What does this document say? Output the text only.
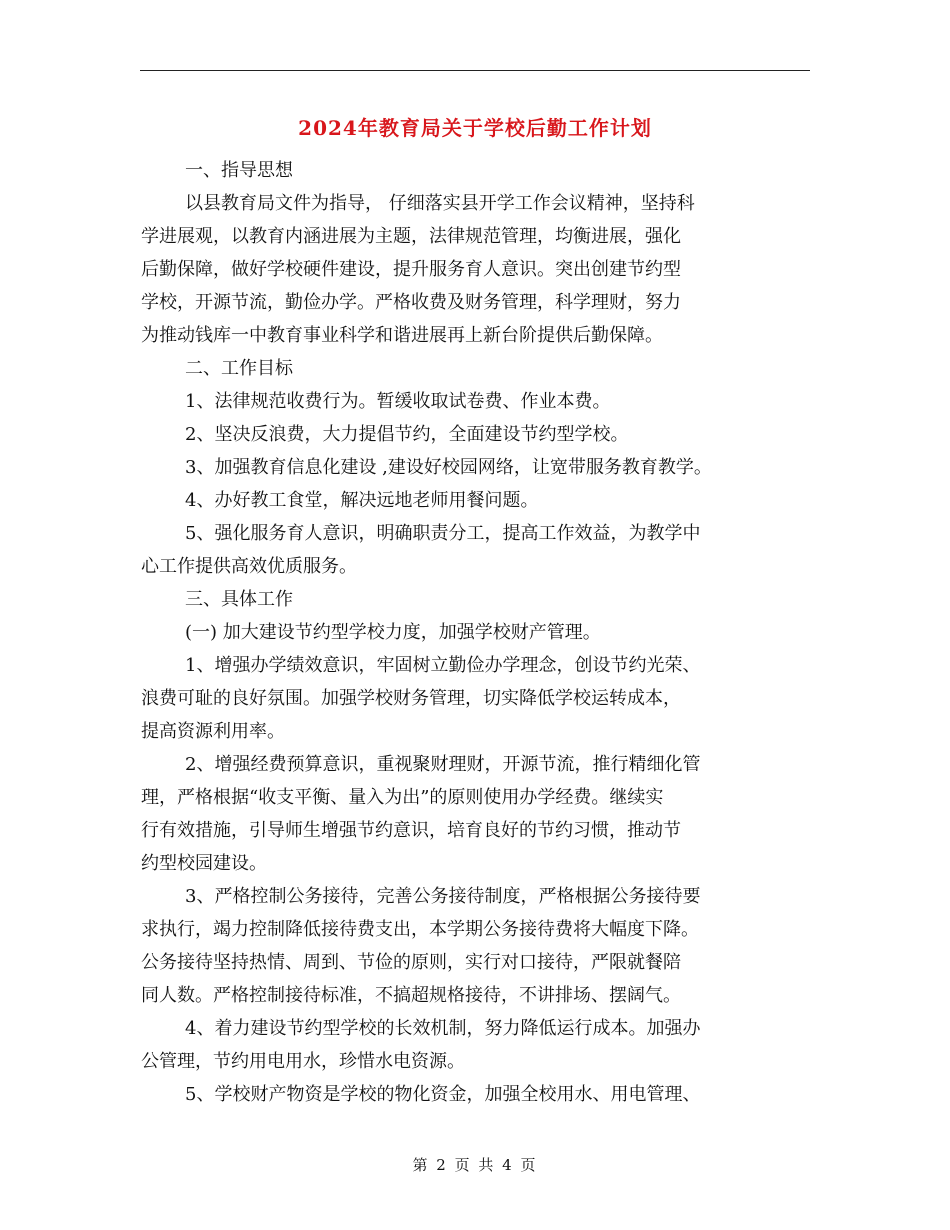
2024年教育局关于学校后勤工作计划
一、指导思想
以县教育局文件为指导， 仔细落实县开学工作会议精神，坚持科
学进展观，以教育内涵进展为主题，法律规范管理，均衡进展，强化
后勤保障，做好学校硬件建设，提升服务育人意识。突出创建节约型
学校，开源节流，勤俭办学。严格收费及财务管理，科学理财，努力
为推动钱库一中教育事业科学和谐进展再上新台阶提供后勤保障。
二、工作目标
1、法律规范收费行为。暂缓收取试卷费、作业本费。
2、坚决反浪费，大力提倡节约，全面建设节约型学校。
3、加强教育信息化建设 ,建设好校园网络，让宽带服务教育教学。
4、办好教工食堂，解决远地老师用餐问题。
5、强化服务育人意识，明确职责分工，提高工作效益，为教学中
心工作提供高效优质服务。
三、具体工作
(一) 加大建设节约型学校力度，加强学校财产管理。
1、增强办学绩效意识，牢固树立勤俭办学理念，创设节约光荣、
浪费可耻的良好氛围。加强学校财务管理，切实降低学校运转成本，
提高资源利用率。
2、增强经费预算意识，重视聚财理财，开源节流，推行精细化管
理，严格根据“收支平衡、量入为出”的原则使用办学经费。继续实
行有效措施，引导师生增强节约意识，培育良好的节约习惯，推动节
约型校园建设。
3、严格控制公务接待，完善公务接待制度，严格根据公务接待要
求执行，竭力控制降低接待费支出，本学期公务接待费将大幅度下降。
公务接待坚持热情、周到、节俭的原则，实行对口接待，严限就餐陪
同人数。严格控制接待标准，不搞超规格接待，不讲排场、摆阔气。
4、着力建设节约型学校的长效机制，努力降低运行成本。加强办
公管理，节约用电用水，珍惜水电资源。
5、学校财产物资是学校的物化资金，加强全校用水、用电管理、
第 2 页 共 4 页
